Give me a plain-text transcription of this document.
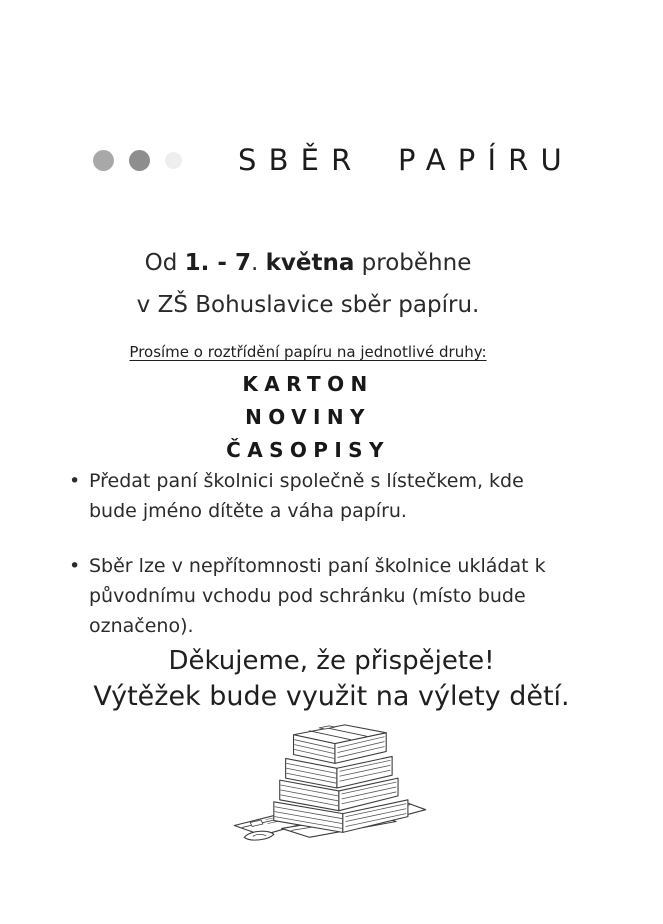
SBĚR PAPÍRU
Od 1. - 7. května proběhne
v ZŠ Bohuslavice sběr papíru.
Prosíme o roztřídění papíru na jednotlivé druhy:
KARTON
NOVINY
ČASOPISY
• Předat paní školnici společně s lístečkem, kde bude jméno dítěte a váha papíru.
• Sběr lze v nepřítomnosti paní školnice ukládat k původnímu vchodu pod schránku (místo bude označeno).
Děkujeme, že přispějete!
Výtěžek bude využit na výlety dětí.
